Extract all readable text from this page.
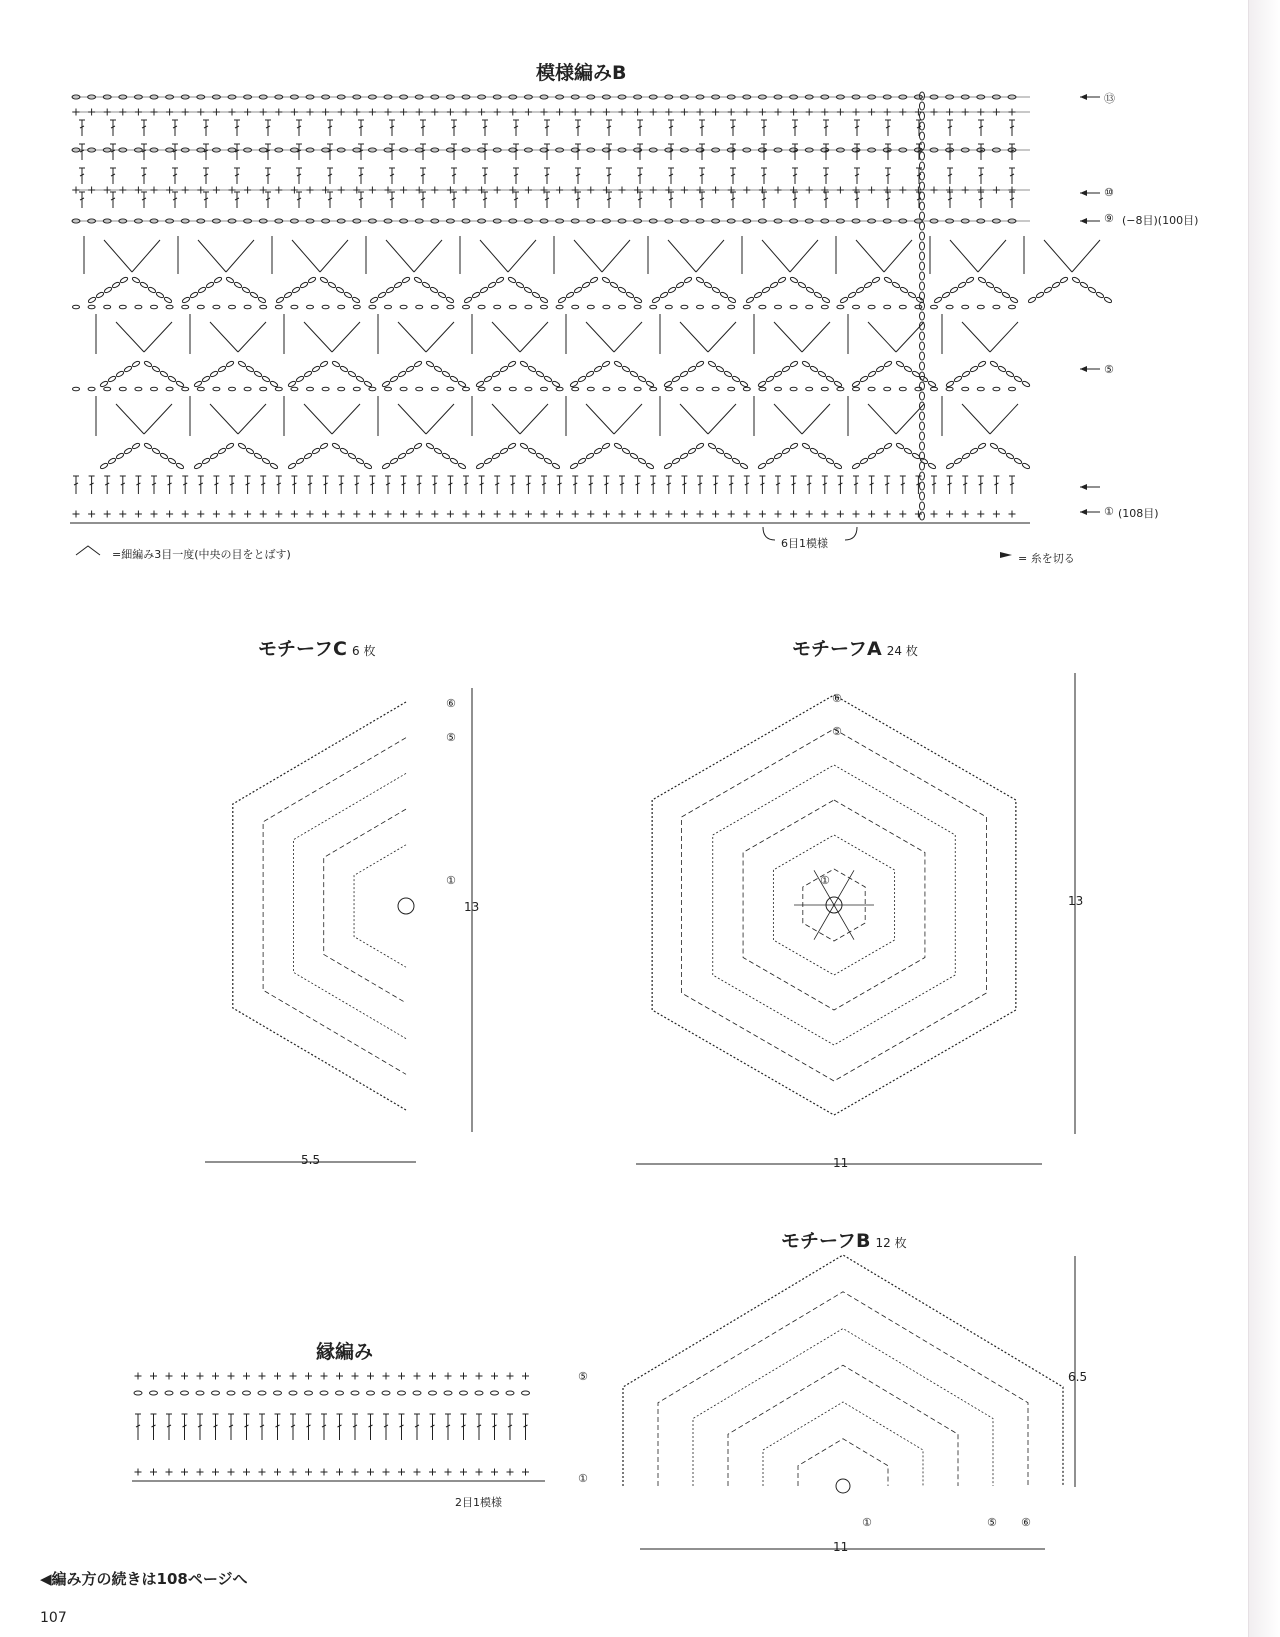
模様編みB
⑬
⑩
⑨ (−8目)(100目)
⑤
① (108目)
6目1模様
=細編み3目一度(中央の目をとばす)	= 糸を切る
モチーフC 6 枚	モチーフA 24 枚
モチーフB 12 枚
縁編み
13
5.5
13
11
6.5
11
⑥
⑤
①
⑥
⑤
①
①	⑤ ⑥
⑤
①
2目1模様
◀編み方の続きは108ページへ
107
